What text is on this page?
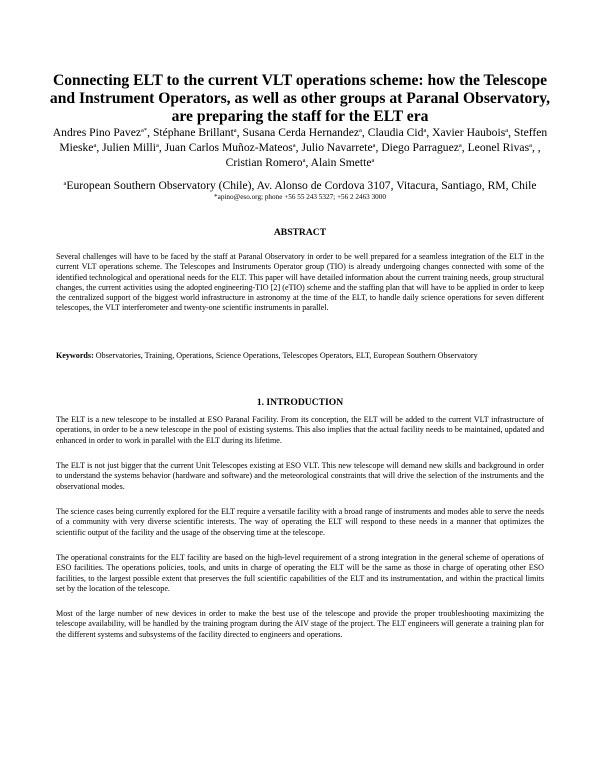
Connecting ELT to the current VLT operations scheme: how the Telescope and Instrument Operators, as well as other groups at Paranal Observatory, are preparing the staff for the ELT era
Andres Pino Pavez$^{a*}$, Stéphane Brillant$^a$, Susana Cerda Hernandez$^a$, Claudia Cid$^a$, Xavier Haubois$^a$, Steffen Mieske$^a$, Julien Milli$^a$, Juan Carlos Muñoz-Mateos$^a$, Julio Navarrete$^a$, Diego Parraguez$^a$, Leonel Rivas$^a$, , Cristian Romero$^a$, Alain Smette$^a$
$^a$European Southern Observatory (Chile), Av. Alonso de Cordova 3107, Vitacura, Santiago, RM, Chile
*apino@eso.org; phone +56 55 243 5327; +56 2 2463 3000
ABSTRACT
Several challenges will have to be faced by the staff at Paranal Observatory in order to be well prepared for a seamless integration of the ELT in the current VLT operations scheme. The Telescopes and Instruments Operator group (TIO) is already undergoing changes connected with some of the identified technological and operational needs for the ELT. This paper will have detailed information about the current training needs, group structural changes, the current activities using the adopted engineering-TIO [2] (eTIO) scheme and the staffing plan that will have to be applied in order to keep the centralized support of the biggest world infrastructure in astronomy at the time of the ELT, to handle daily science operations for seven different telescopes, the VLT interferometer and twenty-one scientific instruments in parallel.
Keywords: Observatories, Training, Operations, Science Operations, Telescopes Operators, ELT, European Southern Observatory
1. INTRODUCTION
The ELT is a new telescope to be installed at ESO Paranal Facility. From its conception, the ELT will be added to the current VLT infrastructure of operations, in order to be a new telescope in the pool of existing systems. This also implies that the actual facility needs to be maintained, updated and enhanced in order to work in parallel with the ELT during its lifetime.
The ELT is not just bigger that the current Unit Telescopes existing at ESO VLT. This new telescope will demand new skills and background in order to understand the systems behavior (hardware and software) and the meteorological constraints that will drive the selection of the instruments and the observational modes.
The science cases being currently explored for the ELT require a versatile facility with a broad range of instruments and modes able to serve the needs of a community with very diverse scientific interests. The way of operating the ELT will respond to these needs in a manner that optimizes the scientific output of the facility and the usage of the observing time at the telescope.
The operational constraints for the ELT facility are based on the high-level requirement of a strong integration in the general scheme of operations of ESO facilities. The operations policies, tools, and units in charge of operating the ELT will be the same as those in charge of operating other ESO facilities, to the largest possible extent that preserves the full scientific capabilities of the ELT and its instrumentation, and within the practical limits set by the location of the telescope.
Most of the large number of new devices in order to make the best use of the telescope and provide the proper troubleshooting maximizing the telescope availability, will be handled by the training program during the AIV stage of the project. The ELT engineers will generate a training plan for the different systems and subsystems of the facility directed to engineers and operations.
